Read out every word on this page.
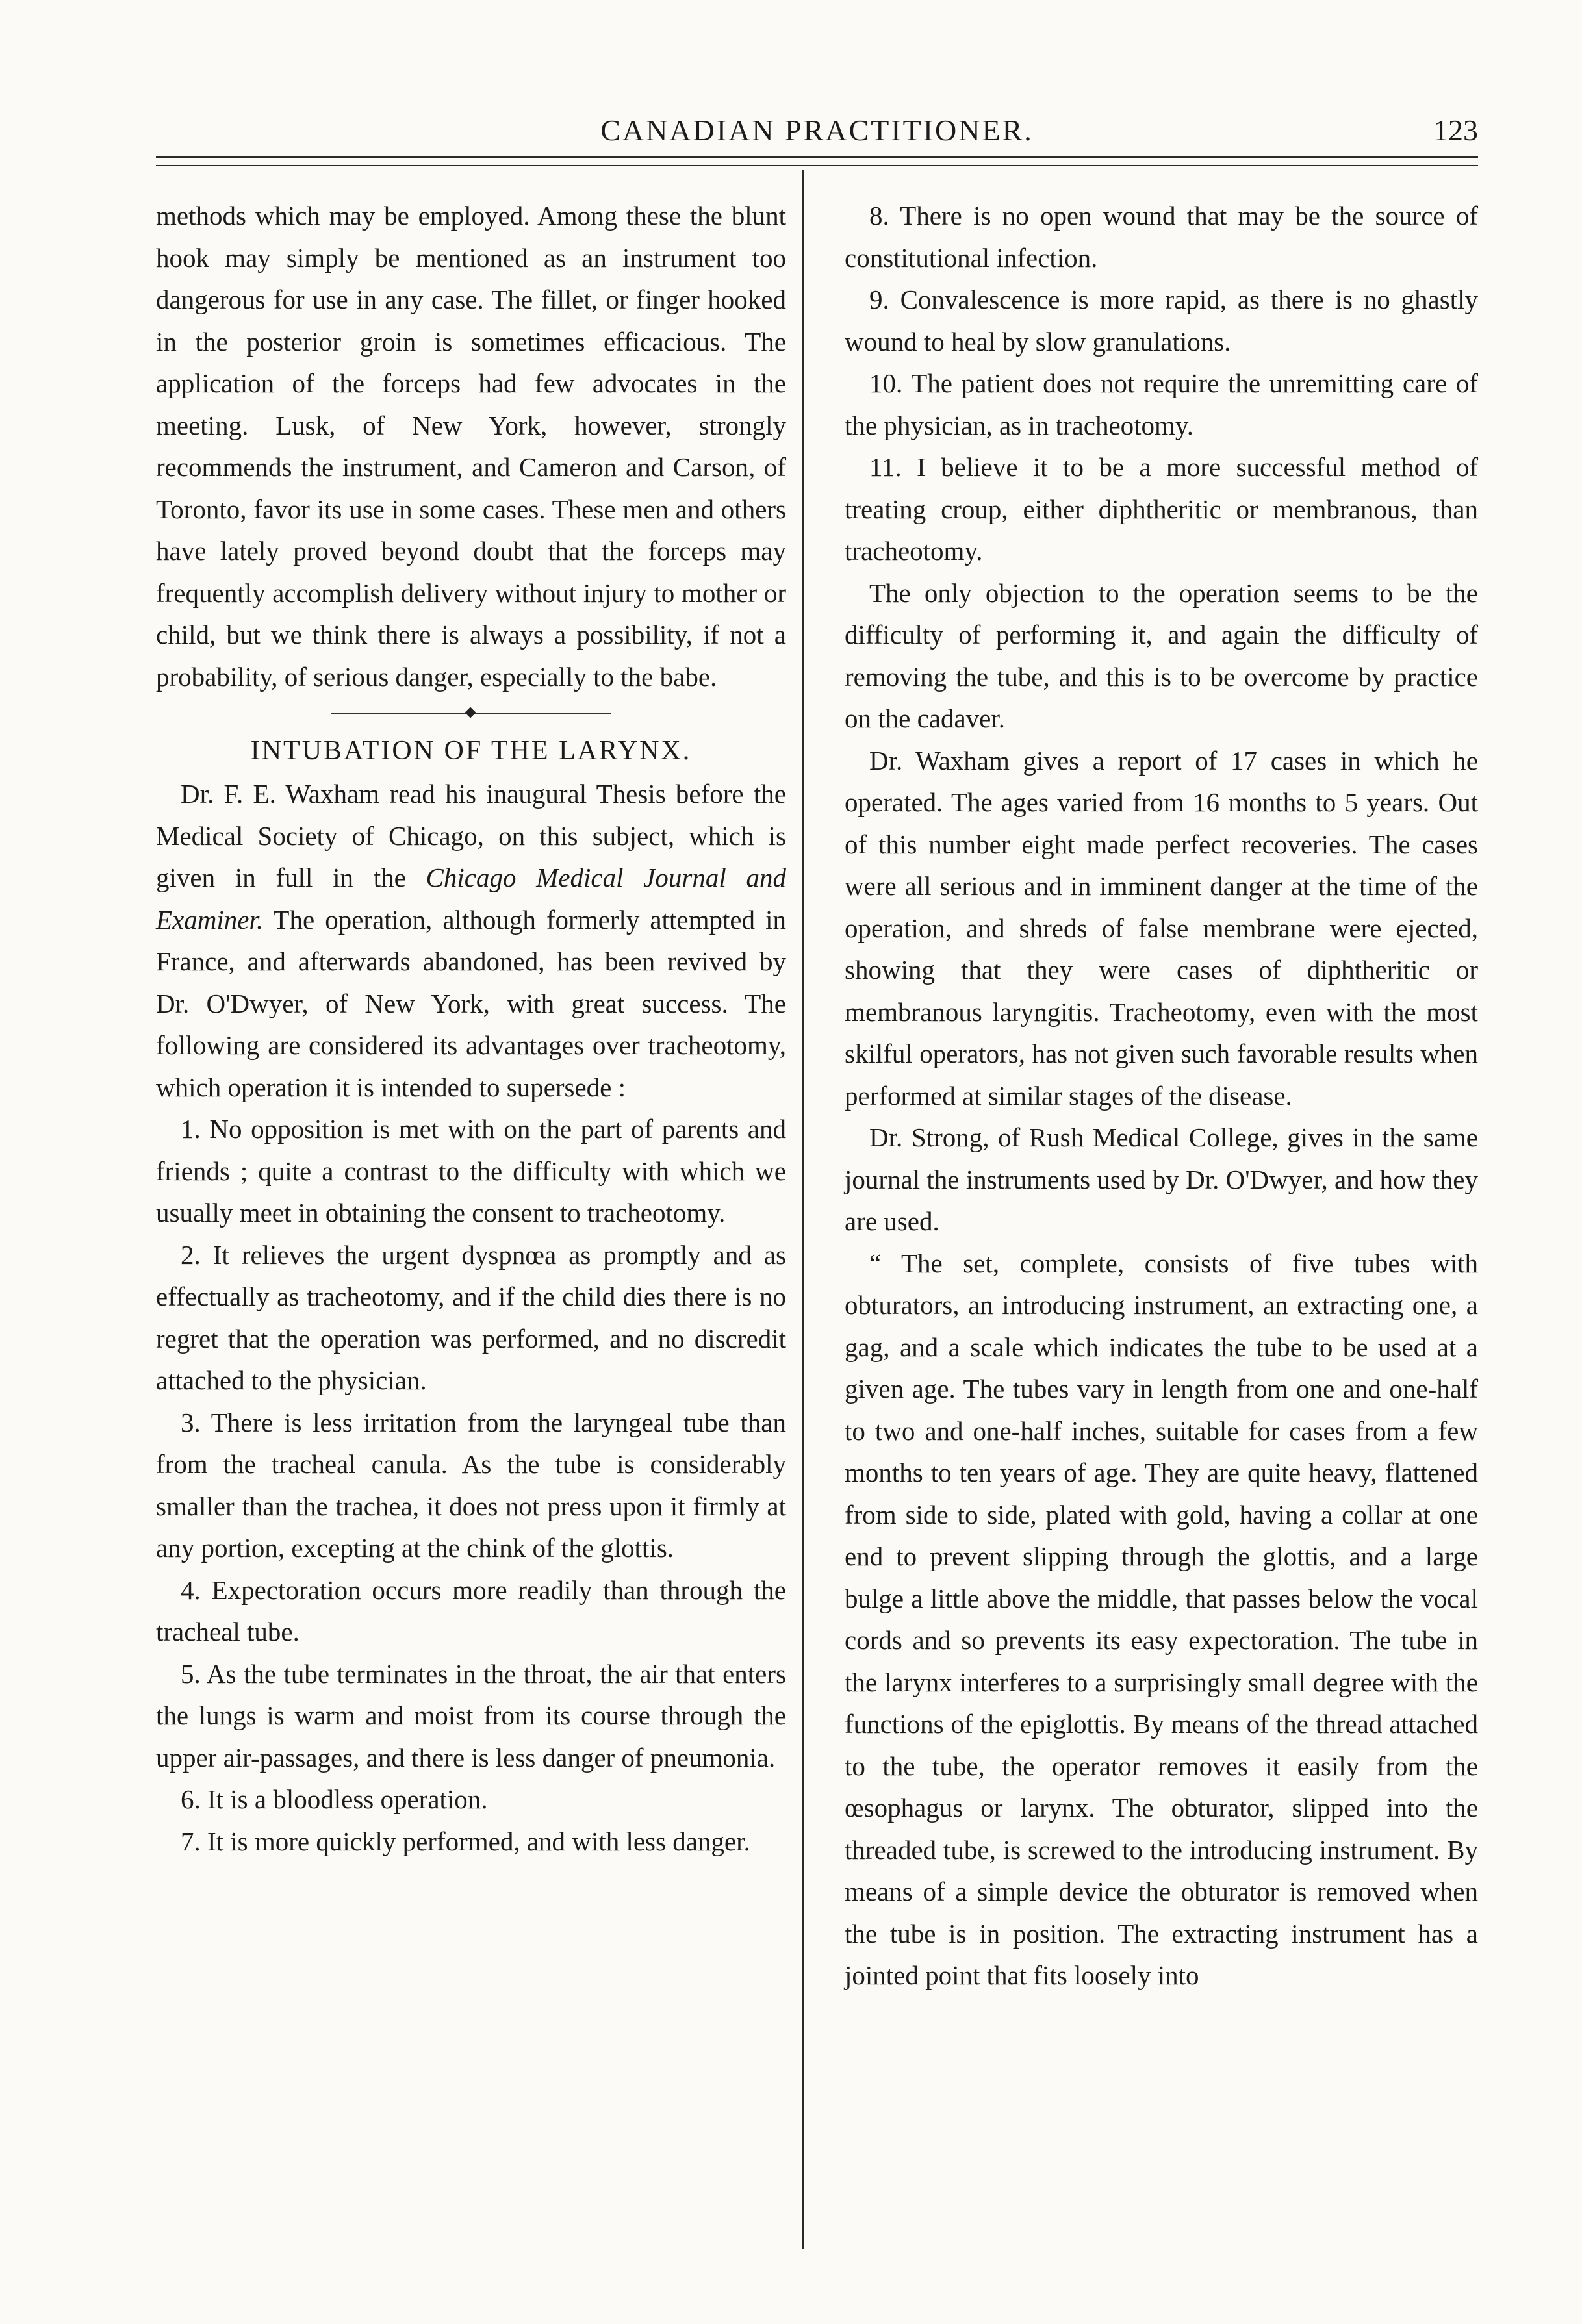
CANADIAN PRACTITIONER.	123

methods which may be employed. Among these the blunt hook may simply be mentioned as an instrument too dangerous for use in any case. The fillet, or finger hooked in the posterior groin is sometimes efficacious. The application of the forceps had few advocates in the meeting. Lusk, of New York, however, strongly recommends the instrument, and Cameron and Carson, of Toronto, favor its use in some cases. These men and others have lately proved beyond doubt that the forceps may frequently accomplish delivery without injury to mother or child, but we think there is always a possibility, if not a probability, of serious danger, especially to the babe.

INTUBATION OF THE LARYNX.

Dr. F. E. Waxham read his inaugural Thesis before the Medical Society of Chicago, on this subject, which is given in full in the Chicago Medical Journal and Examiner. The operation, although formerly attempted in France, and afterwards abandoned, has been revived by Dr. O'Dwyer, of New York, with great success. The following are considered its advantages over tracheotomy, which operation it is intended to supersede :

1. No opposition is met with on the part of parents and friends ; quite a contrast to the difficulty with which we usually meet in obtaining the consent to tracheotomy.

2. It relieves the urgent dyspnœa as promptly and as effectually as tracheotomy, and if the child dies there is no regret that the operation was performed, and no discredit attached to the physician.

3. There is less irritation from the laryngeal tube than from the tracheal canula. As the tube is considerably smaller than the trachea, it does not press upon it firmly at any portion, excepting at the chink of the glottis.

4. Expectoration occurs more readily than through the tracheal tube.

5. As the tube terminates in the throat, the air that enters the lungs is warm and moist from its course through the upper air-passages, and there is less danger of pneumonia.

6. It is a bloodless operation.

7. It is more quickly performed, and with less danger.

8. There is no open wound that may be the source of constitutional infection.

9. Convalescence is more rapid, as there is no ghastly wound to heal by slow granulations.

10. The patient does not require the unremitting care of the physician, as in tracheotomy.

11. I believe it to be a more successful method of treating croup, either diphtheritic or membranous, than tracheotomy.

The only objection to the operation seems to be the difficulty of performing it, and again the difficulty of removing the tube, and this is to be overcome by practice on the cadaver.

Dr. Waxham gives a report of 17 cases in which he operated. The ages varied from 16 months to 5 years. Out of this number eight made perfect recoveries. The cases were all serious and in imminent danger at the time of the operation, and shreds of false membrane were ejected, showing that they were cases of diphtheritic or membranous laryngitis. Tracheotomy, even with the most skilful operators, has not given such favorable results when performed at similar stages of the disease.

Dr. Strong, of Rush Medical College, gives in the same journal the instruments used by Dr. O'Dwyer, and how they are used.

“ The set, complete, consists of five tubes with obturators, an introducing instrument, an extracting one, a gag, and a scale which indicates the tube to be used at a given age. The tubes vary in length from one and one-half to two and one-half inches, suitable for cases from a few months to ten years of age. They are quite heavy, flattened from side to side, plated with gold, having a collar at one end to prevent slipping through the glottis, and a large bulge a little above the middle, that passes below the vocal cords and so prevents its easy expectoration. The tube in the larynx interferes to a surprisingly small degree with the functions of the epiglottis. By means of the thread attached to the tube, the operator removes it easily from the œsophagus or larynx. The obturator, slipped into the threaded tube, is screwed to the introducing instrument. By means of a simple device the obturator is removed when the tube is in position. The extracting instrument has a jointed point that fits loosely into
